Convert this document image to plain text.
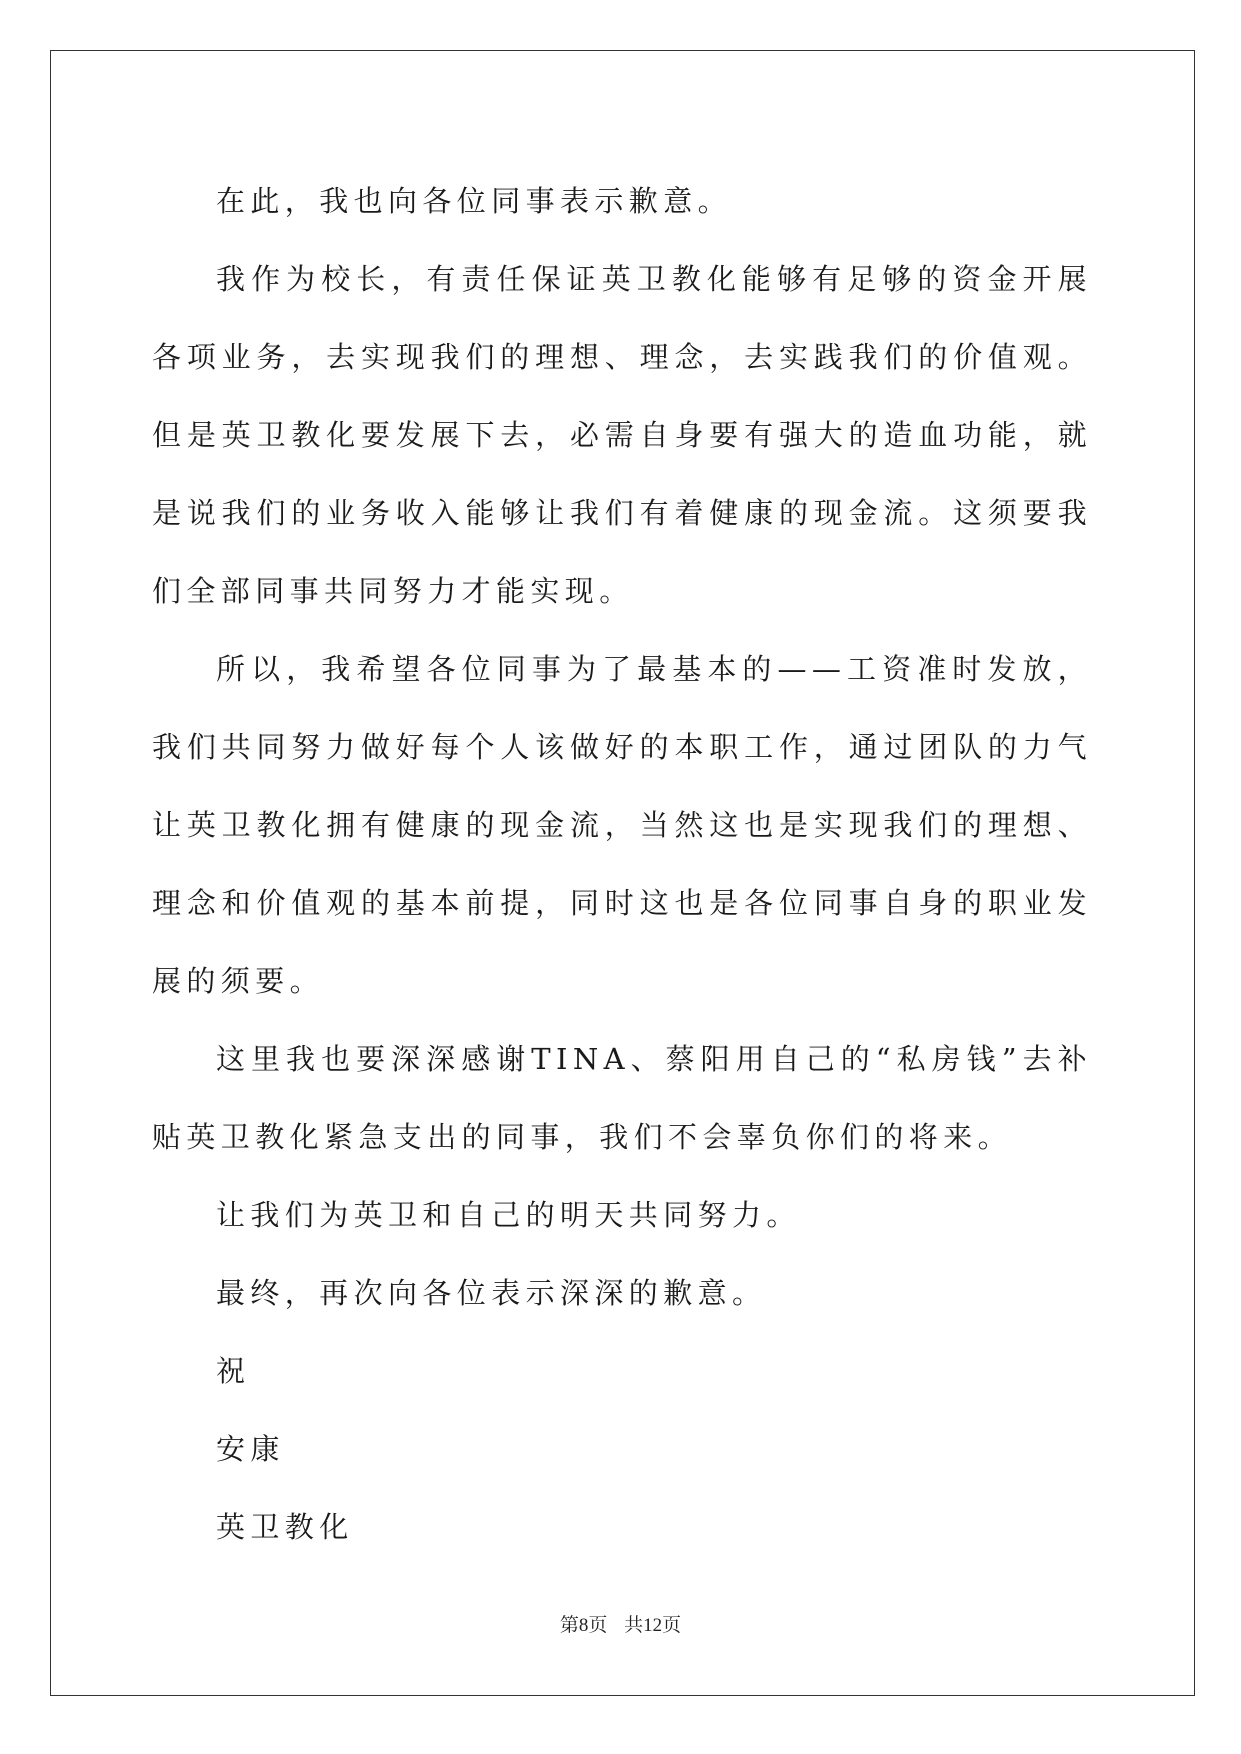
在此，我也向各位同事表示歉意。

我作为校长，有责任保证英卫教化能够有足够的资金开展各项业务，去实现我们的理想、理念，去实践我们的价值观。但是英卫教化要发展下去，必需自身要有强大的造血功能，就是说我们的业务收入能够让我们有着健康的现金流。这须要我们全部同事共同努力才能实现。

所以，我希望各位同事为了最基本的——工资准时发放，我们共同努力做好每个人该做好的本职工作，通过团队的力气让英卫教化拥有健康的现金流，当然这也是实现我们的理想、理念和价值观的基本前提，同时这也是各位同事自身的职业发展的须要。

这里我也要深深感谢TINA、蔡阳用自己的“私房钱”去补贴英卫教化紧急支出的同事，我们不会辜负你们的将来。

让我们为英卫和自己的明天共同努力。

最终，再次向各位表示深深的歉意。

祝

安康

英卫教化

第8页 共12页
